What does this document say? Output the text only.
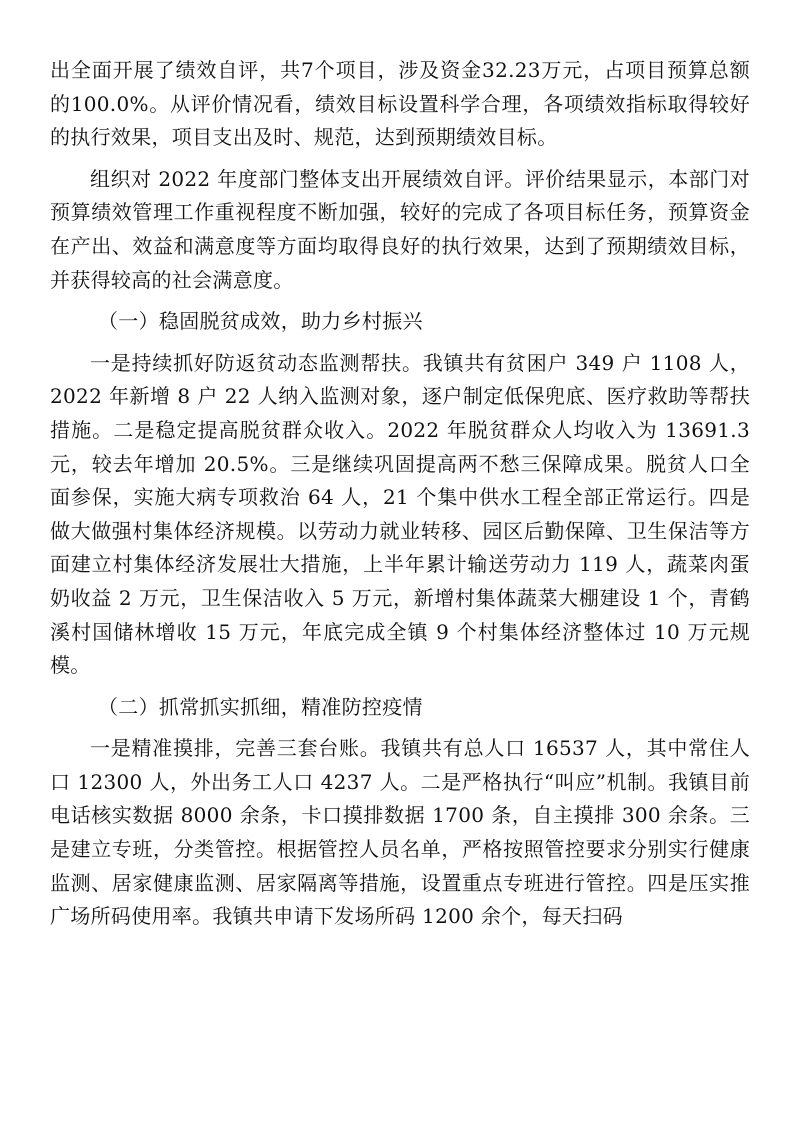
出全面开展了绩效自评，共7个项目，涉及资金32.23万元，占项目预算总额的100.0%。从评价情况看，绩效目标设置科学合理，各项绩效指标取得较好的执行效果，项目支出及时、规范，达到预期绩效目标。

组织对 2022 年度部门整体支出开展绩效自评。评价结果显示，本部门对预算绩效管理工作重视程度不断加强，较好的完成了各项目标任务，预算资金在产出、效益和满意度等方面均取得良好的执行效果，达到了预期绩效目标，并获得较高的社会满意度。

（一）稳固脱贫成效，助力乡村振兴

一是持续抓好防返贫动态监测帮扶。我镇共有贫困户 349 户 1108 人，2022 年新增 8 户 22 人纳入监测对象，逐户制定低保兜底、医疗救助等帮扶措施。二是稳定提高脱贫群众收入。2022 年脱贫群众人均收入为 13691.3 元，较去年增加 20.5%。三是继续巩固提高两不愁三保障成果。脱贫人口全面参保，实施大病专项救治 64 人，21 个集中供水工程全部正常运行。四是做大做强村集体经济规模。以劳动力就业转移、园区后勤保障、卫生保洁等方面建立村集体经济发展壮大措施，上半年累计输送劳动力 119 人，蔬菜肉蛋奶收益 2 万元，卫生保洁收入 5 万元，新增村集体蔬菜大棚建设 1 个，青鹤溪村国储林增收 15 万元，年底完成全镇 9 个村集体经济整体过 10 万元规模。

（二）抓常抓实抓细，精准防控疫情

一是精准摸排，完善三套台账。我镇共有总人口 16537 人，其中常住人口 12300 人，外出务工人口 4237 人。二是严格执行“叫应”机制。我镇目前电话核实数据 8000 余条，卡口摸排数据 1700 条，自主摸排 300 余条。三是建立专班，分类管控。根据管控人员名单，严格按照管控要求分别实行健康监测、居家健康监测、居家隔离等措施，设置重点专班进行管控。四是压实推广场所码使用率。我镇共申请下发场所码 1200 余个，每天扫码
